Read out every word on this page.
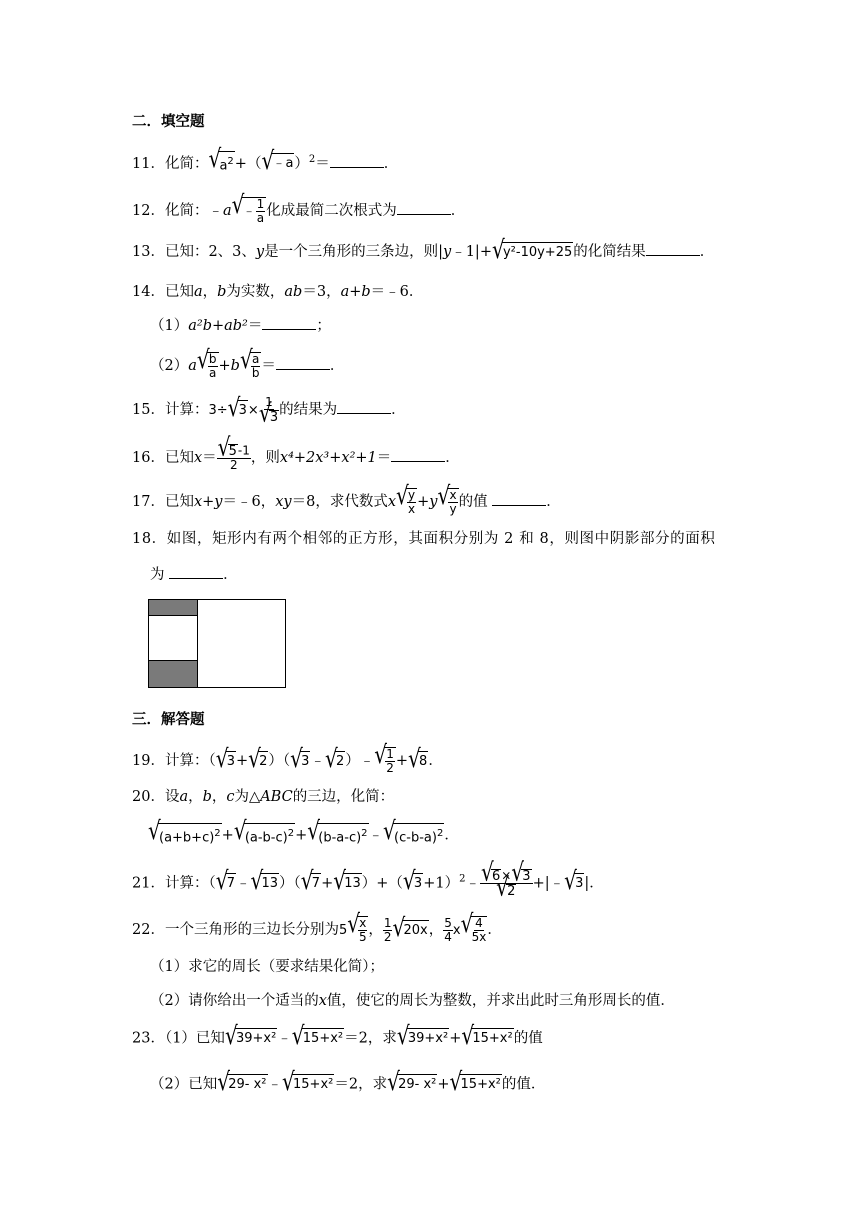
二．填空题
11．化简：√ $a^2+(√$ ﹣a）$^2$＝	．
12．化简：﹣a√ ﹣ $\frac{1}{a}$ 化成最简二次根式为	．
13．已知：2、3、y是一个三角形的三条边，则|y﹣1|+√ y²-10y+25的化简结果	．
14．已知a，b为实数，ab＝3，a+b＝﹣6．
（1）a²b+ab²＝	；
（2）a
√ $\frac{b}{a} +b$
√ $\frac{a}{b}$ ＝	．
15．计算：3÷√ 3× 1
√ 3 的结果为	．
16．已知x＝
√ $\frac{5-1}{2}$ ，则x⁴+2x³+x²+1＝	．
17．已知x+y＝﹣6，xy＝8，求代数式x
√ $\frac{y}{x} +y$
√ $\frac{x}{y}$ 的值	．
18．如图，矩形内有两个相邻的正方形，其面积分别为 2 和 8，则图中阴影部分的面积
为	．
三．解答题
19．计算：（√ 3+√ 2）（√ 3﹣√ 2）﹣
√ $\frac{1}{2}$ +√ 8．
20．设a，b，c为△ABC的三边，化简：
√ $(a+b+c)^2+√$ $(a-b-c)^2+√$ $(b-a-c)^2﹣√$ $(c-b-a)^2$．
21．计算：（√ 7﹣√ 13）（√ 7+√ 13）+（√ 3+1）$^2$﹣
√ 6×√ 3
√ 2 +|﹣√ 3|．
22．一个三角形的三边长分别为5
√ $\frac{x}{5}$ ， $\frac{1}{2}$
√ 20x， $\frac{5}{4}$ x
√ $\frac{4}{5x}$ ．
（1）求它的周长（要求结果化简）；
（2）请你给出一个适当的x值，使它的周长为整数，并求出此时三角形周长的值．
23．（1）已知√ 39+x²﹣√ 15+x²＝2，求√ 39+x²+√ 15+x²的值
（2）已知√ 29- x²﹣√ 15+x²＝2，求√ 29- x²+√ 15+x²的值．
